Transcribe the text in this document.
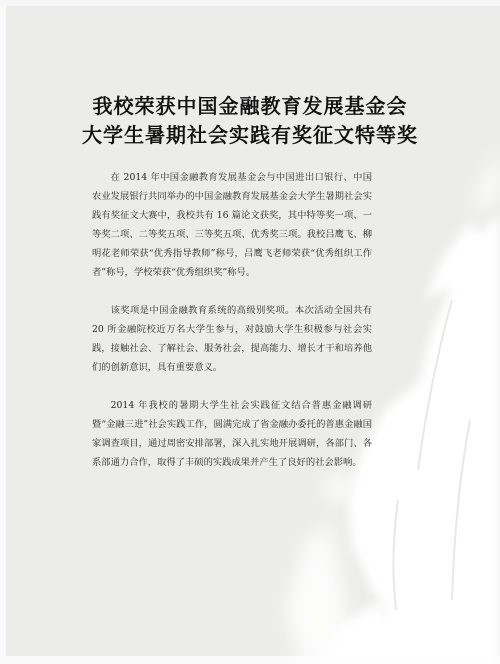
我校荣获中国金融教育发展基金会
大学生暑期社会实践有奖征文特等奖

在 2014 年中国金融教育发展基金会与中国进出口银行、中国农业发展银行共同举办的中国金融教育发展基金会大学生暑期社会实践有奖征文大赛中，我校共有 16 篇论文获奖，其中特等奖一项、一等奖二项、二等奖五项、三等奖五项、优秀奖三项。我校吕鹰飞、柳明花老师荣获“优秀指导教师”称号，吕鹰飞老师荣获“优秀组织工作者”称号，学校荣获“优秀组织奖”称号。

该奖项是中国金融教育系统的高级别奖项。本次活动全国共有 20 所金融院校近万名大学生参与，对鼓励大学生积极参与社会实践，接触社会、了解社会、服务社会，提高能力、增长才干和培养他们的创新意识，具有重要意义。

2014 年我校的暑期大学生社会实践征文结合普惠金融调研暨“金融三进”社会实践工作，圆满完成了省金融办委托的普惠金融国家调查项目，通过周密安排部署，深入扎实地开展调研，各部门、各系部通力合作，取得了丰硕的实践成果并产生了良好的社会影响。
